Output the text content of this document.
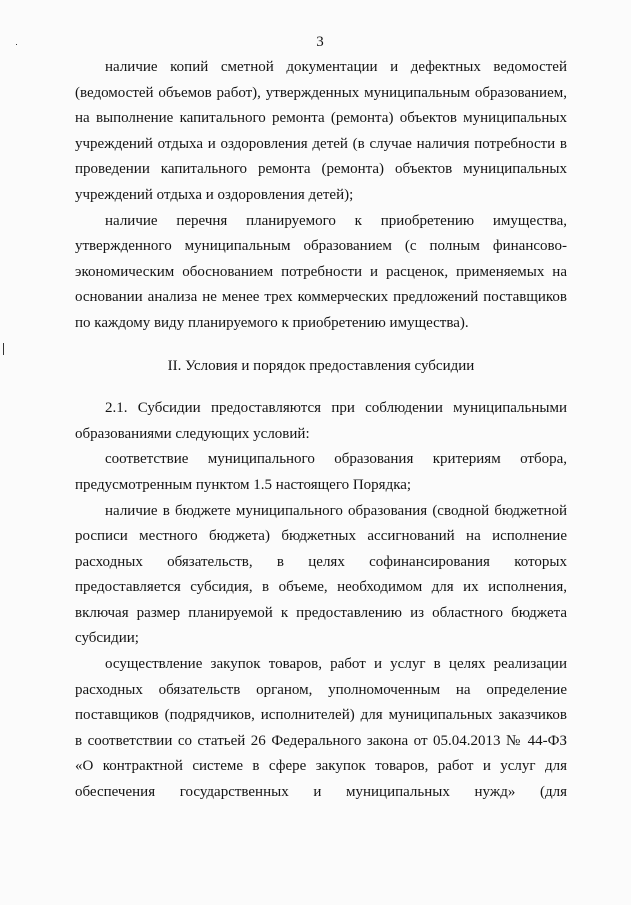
3
наличие копий сметной документации и дефектных ведомостей
(ведомостей объемов работ), утвержденных муниципальным образованием,
на выполнение капитального ремонта (ремонта) объектов муниципальных
учреждений отдыха и оздоровления детей (в случае наличия потребности в
проведении капитального ремонта (ремонта) объектов муниципальных
учреждений отдыха и оздоровления детей);
наличие перечня планируемого к приобретению имущества,
утвержденного муниципальным образованием (с полным финансово-
экономическим обоснованием потребности и расценок, применяемых на
основании анализа не менее трех коммерческих предложений поставщиков
по каждому виду планируемого к приобретению имущества).
II. Условия и порядок предоставления субсидии
2.1. Субсидии предоставляются при соблюдении муниципальными
образованиями следующих условий:
соответствие муниципального образования критериям отбора,
предусмотренным пунктом 1.5 настоящего Порядка;
наличие в бюджете муниципального образования (сводной бюджетной
росписи местного бюджета) бюджетных ассигнований на исполнение
расходных обязательств, в целях софинансирования которых
предоставляется субсидия, в объеме, необходимом для их исполнения,
включая размер планируемой к предоставлению из областного бюджета
субсидии;
осуществление закупок товаров, работ и услуг в целях реализации
расходных обязательств органом, уполномоченным на определение
поставщиков (подрядчиков, исполнителей) для муниципальных заказчиков
в соответствии со статьей 26 Федерального закона от 05.04.2013 № 44-ФЗ
«О контрактной системе в сфере закупок товаров, работ и услуг для
обеспечения государственных и муниципальных нужд» (для
